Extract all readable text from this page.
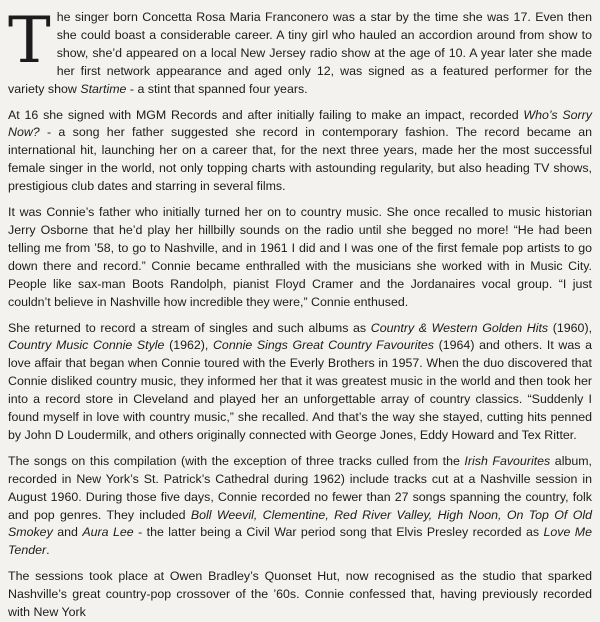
The singer born Concetta Rosa Maria Franconero was a star by the time she was 17. Even then she could boast a considerable career. A tiny girl who hauled an accordion around from show to show, she’d appeared on a local New Jersey radio show at the age of 10. A year later she made her first network appearance and aged only 12, was signed as a featured performer for the variety show Startime - a stint that spanned four years.

At 16 she signed with MGM Records and after initially failing to make an impact, recorded Who’s Sorry Now? - a song her father suggested she record in contemporary fashion. The record became an international hit, launching her on a career that, for the next three years, made her the most successful female singer in the world, not only topping charts with astounding regularity, but also heading TV shows, prestigious club dates and starring in several films.

It was Connie’s father who initially turned her on to country music. She once recalled to music historian Jerry Osborne that he’d play her hillbilly sounds on the radio until she begged no more! “He had been telling me from ’58, to go to Nashville, and in 1961 I did and I was one of the first female pop artists to go down there and record.” Connie became enthralled with the musicians she worked with in Music City. People like sax-man Boots Randolph, pianist Floyd Cramer and the Jordanaires vocal group. “I just couldn’t believe in Nashville how incredible they were,” Connie enthused.

She returned to record a stream of singles and such albums as Country & Western Golden Hits (1960), Country Music Connie Style (1962), Connie Sings Great Country Favourites (1964) and others. It was a love affair that began when Connie toured with the Everly Brothers in 1957. When the duo discovered that Connie disliked country music, they informed her that it was greatest music in the world and then took her into a record store in Cleveland and played her an unforgettable array of country classics. “Suddenly I found myself in love with country music,” she recalled. And that’s the way she stayed, cutting hits penned by John D Loudermilk, and others originally connected with George Jones, Eddy Howard and Tex Ritter.

The songs on this compilation (with the exception of three tracks culled from the Irish Favourites album, recorded in New York’s St. Patrick’s Cathedral during 1962) include tracks cut at a Nashville session in August 1960. During those five days, Connie recorded no fewer than 27 songs spanning the country, folk and pop genres. They included Boll Weevil, Clementine, Red River Valley, High Noon, On Top Of Old Smokey and Aura Lee - the latter being a Civil War period song that Elvis Presley recorded as Love Me Tender.

The sessions took place at Owen Bradley’s Quonset Hut, now recognised as the studio that sparked Nashville’s great country-pop crossover of the ’60s. Connie confessed that, having previously recorded with New York
